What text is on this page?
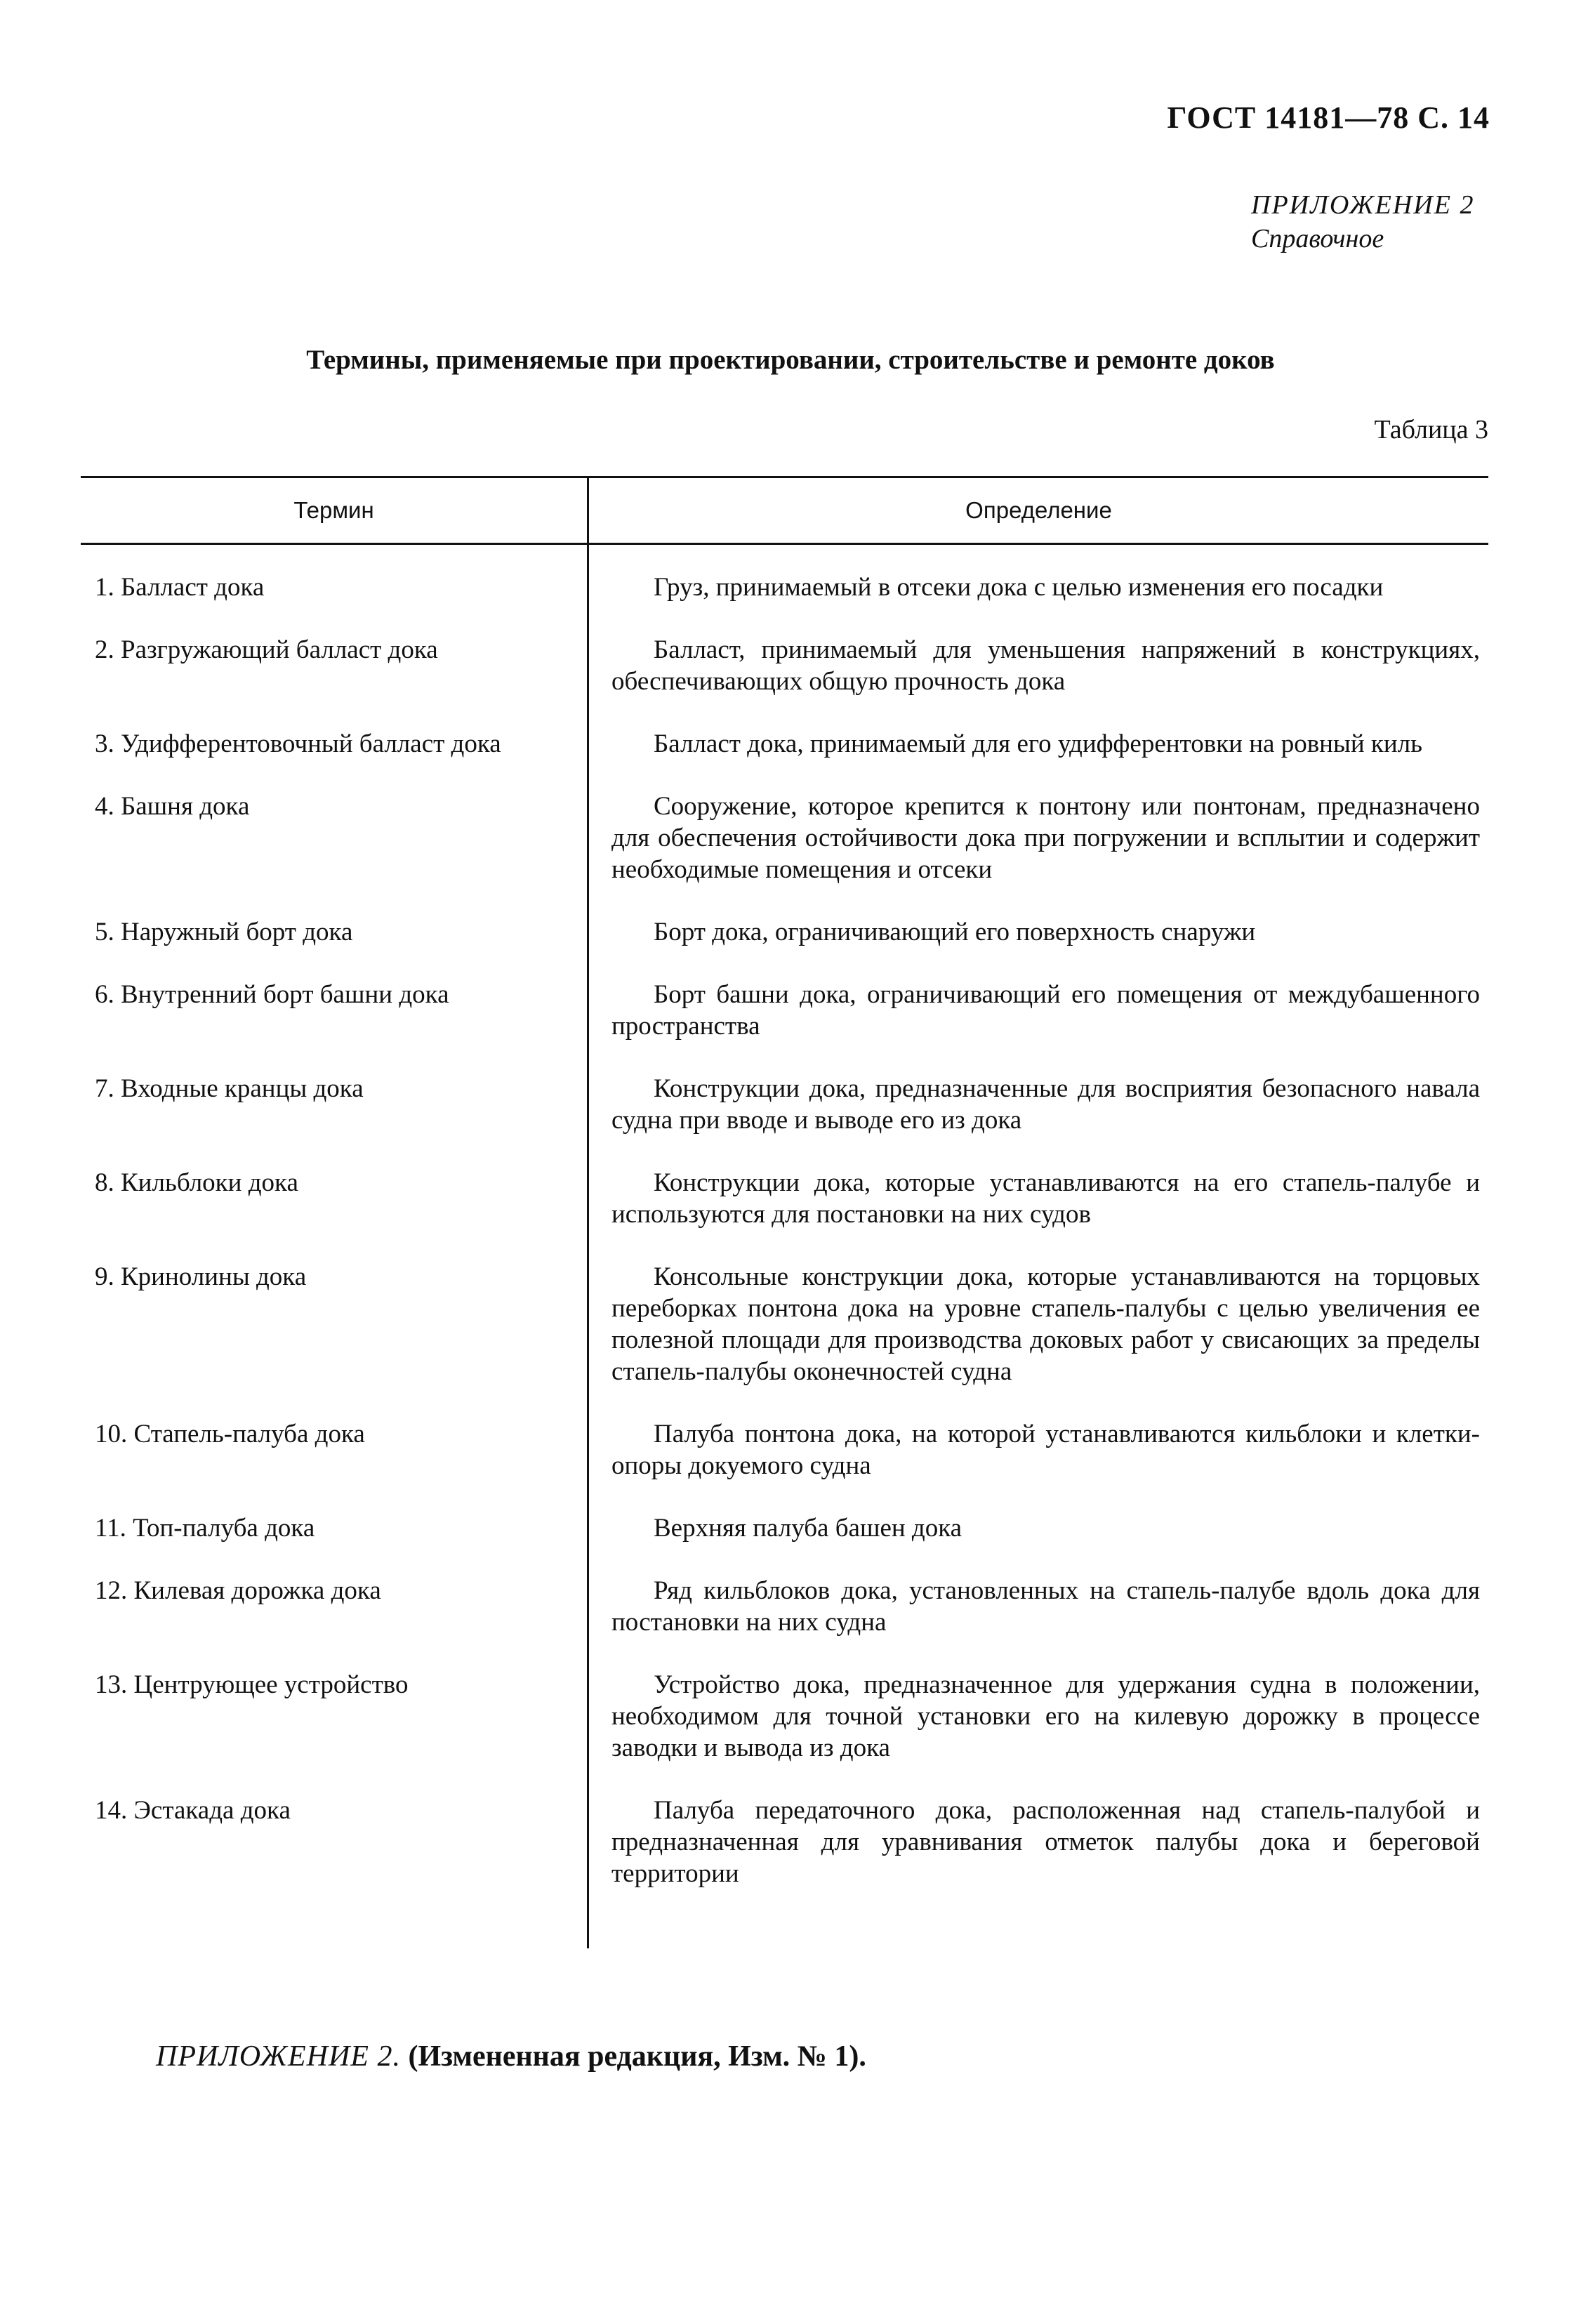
ГОСТ 14181—78 С. 14
ПРИЛОЖЕНИЕ 2
Справочное
Термины, применяемые при проектировании, строительстве и ремонте доков
Таблица 3
Термин	Определение
1. Балласт дока	Груз, принимаемый в отсеки дока с целью изменения его посадки
2. Разгружающий балласт дока	Балласт, принимаемый для уменьшения напряжений в конструкциях, обеспечивающих общую прочность дока
3. Удифферентовочный балласт дока	Балласт дока, принимаемый для его удифферентовки на ровный киль
4. Башня дока	Сооружение, которое крепится к понтону или понтонам, предназначено для обеспечения остойчивости дока при погружении и всплытии и содержит необходимые помещения и отсеки
5. Наружный борт дока	Борт дока, ограничивающий его поверхность снаружи
6. Внутренний борт башни дока	Борт башни дока, ограничивающий его помещения от междубашенного пространства
7. Входные кранцы дока	Конструкции дока, предназначенные для восприятия безопасного навала судна при вводе и выводе его из дока
8. Кильблоки дока	Конструкции дока, которые устанавливаются на его стапель-палубе и используются для постановки на них судов
9. Кринолины дока	Консольные конструкции дока, которые устанавливаются на торцовых переборках понтона дока на уровне стапель-палубы с целью увеличения ее полезной площади для производства доковых работ у свисающих за пределы стапель-палубы оконечностей судна
10. Стапель-палуба дока	Палуба понтона дока, на которой устанавливаются кильблоки и клетки-опоры докуемого судна
11. Топ-палуба дока	Верхняя палуба башен дока
12. Килевая дорожка дока	Ряд кильблоков дока, установленных на стапель-палубе вдоль дока для постановки на них судна
13. Центрующее устройство	Устройство дока, предназначенное для удержания судна в положении, необходимом для точной установки его на килевую дорожку в процессе заводки и вывода из дока
14. Эстакада дока	Палуба передаточного дока, расположенная над стапель-палубой и предназначенная для уравнивания отметок палубы дока и береговой территории
ПРИЛОЖЕНИЕ 2. (Измененная редакция, Изм. № 1).
